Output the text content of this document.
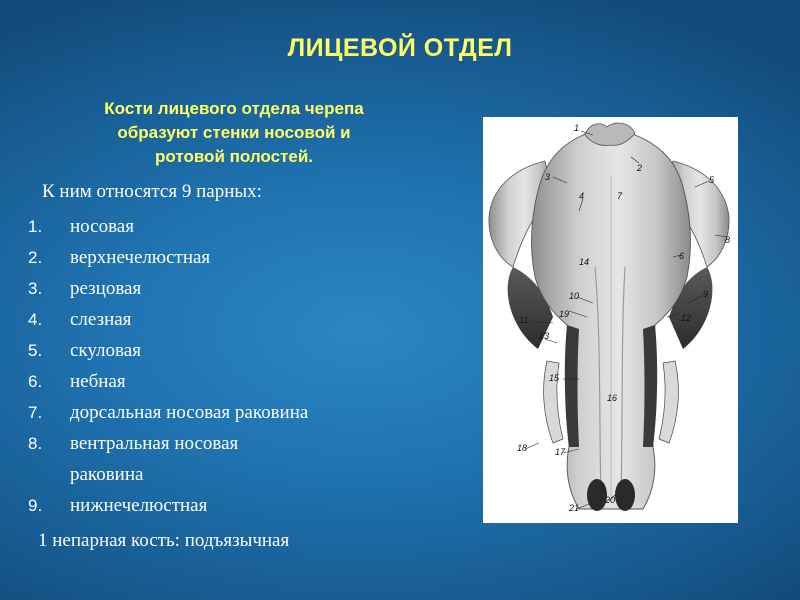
ЛИЦЕВОЙ ОТДЕЛ
Кости лицевого отдела черепа
образуют стенки носовой и
ротовой полостей.
К ним относятся 9 парных:
1.	носовая
2.	верхнечелюстная
3.	резцовая
4.	слезная
5.	скуловая
6.	небная
7.	дорсальная носовая раковина
8.	вентральная носовая
раковина
9.	нижнечелюстная
1 непарная кость: подъязычная
1
2
3
4
5
6
7
8
9
10
11	12
13
14
15
16
17
18
19
20
21
